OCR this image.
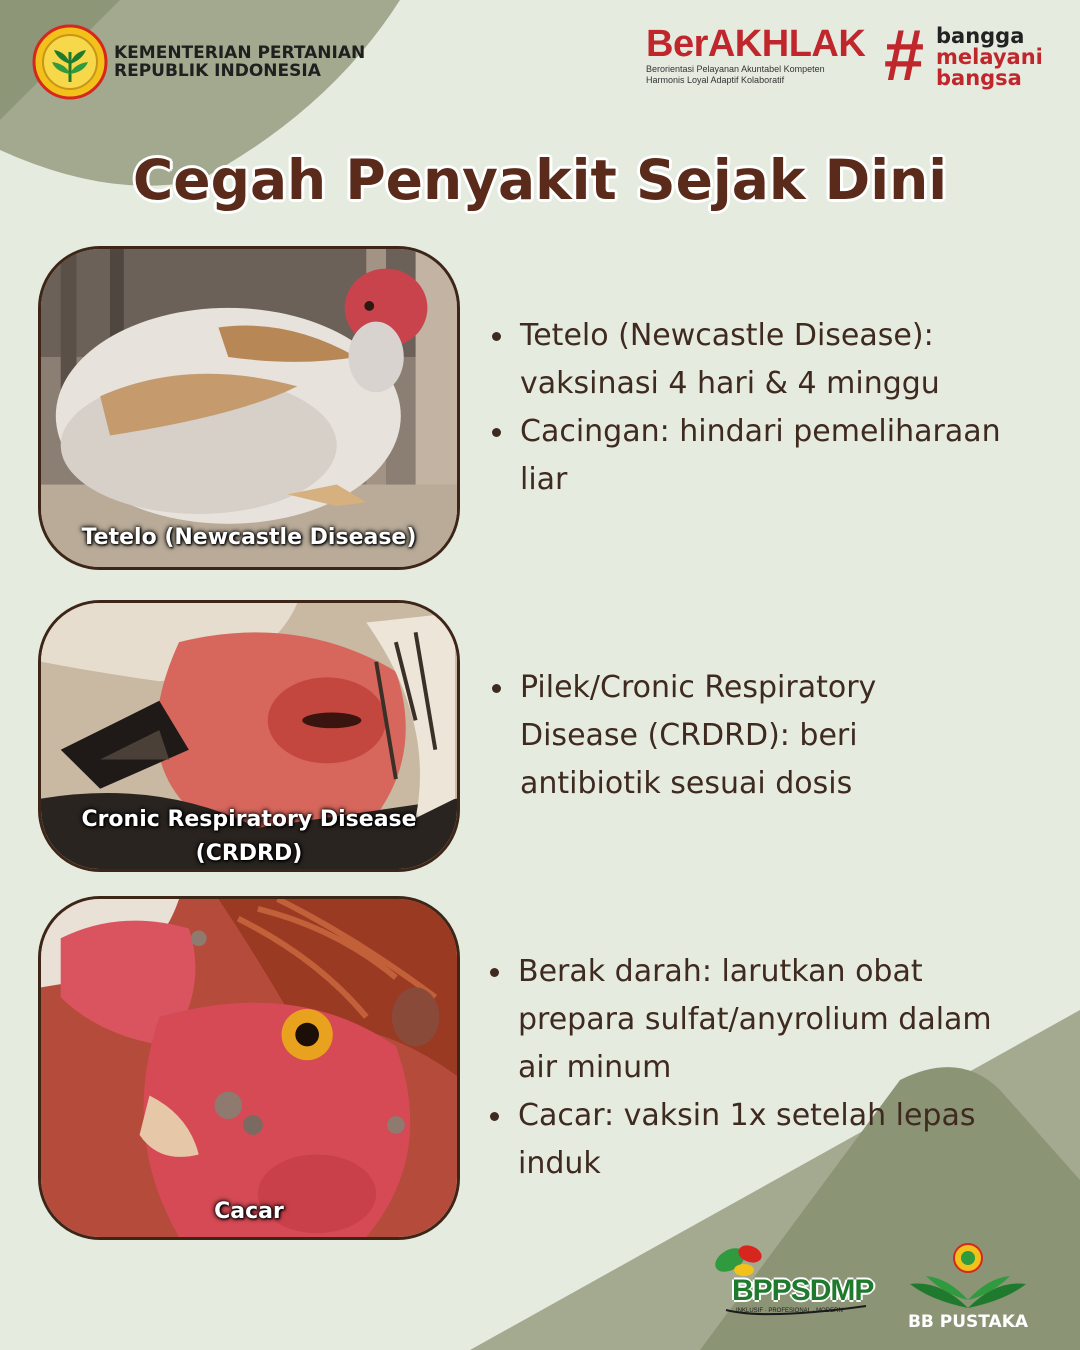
KEMENTERIAN PERTANIAN
REPUBLIK INDONESIA
BerAKHLAK
Berorientasi Pelayanan Akuntabel Kompeten
Harmonis Loyal Adaptif Kolaboratif	# bangga
melayani
bangsa
Cegah Penyakit Sejak Dini
Tetelo (Newcastle Disease)
Cronic Respiratory Disease
(CRDRD)
Cacar
Tetelo (Newcastle Disease): vaksinasi 4 hari & 4 minggu
Cacingan: hindari pemeliharaan liar
Pilek/Cronic Respiratory Disease (CRDRD): beri antibiotik sesuai dosis
Berak darah: larutkan obat prepara sulfat/anyrolium dalam air minum
Cacar: vaksin 1x setelah lepas induk
BPPSDMP
INKLUSIF · PROFESIONAL · MODERN
BB PUSTAKA
